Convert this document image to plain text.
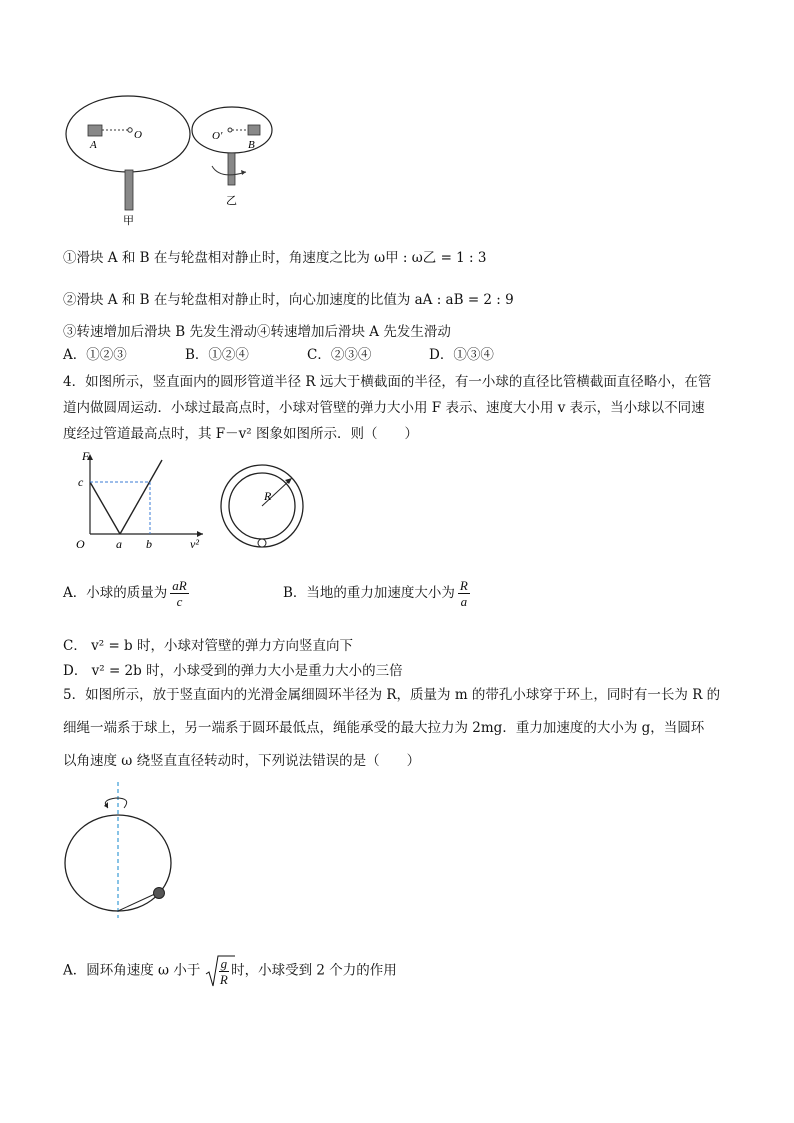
A
O
甲
O'
B
乙
①滑块 A 和 B 在与轮盘相对静止时，角速度之比为 ω甲 : ω乙 = 1 : 3
②滑块 A 和 B 在与轮盘相对静止时，向心加速度的比值为 aA : aB = 2 : 9
③转速增加后滑块 B 先发生滑动④转速增加后滑块 A 先发生滑动
A．①②③	B．①②④	C．②③④	D．①③④
4．如图所示，竖直面内的圆形管道半径 R 远大于横截面的半径，有一小球的直径比管横截面直径略小，在管
道内做圆周运动．小球过最高点时，小球对管壁的弹力大小用 F 表示、速度大小用 v 表示，当小球以不同速
度经过管道最高点时，其 F－v² 图象如图所示．则（　　）
F
c
O	a b	v²
R
A．小球的质量为 $\frac{aR}{c}$	B．当地的重力加速度大小为 $\frac{R}{a}$
C． v² = b 时，小球对管壁的弹力方向竖直向下
D． v² = 2b 时，小球受到的弹力大小是重力大小的三倍
5．如图所示，放于竖直面内的光滑金属细圆环半径为 R，质量为 m 的带孔小球穿于环上，同时有一长为 R 的
细绳一端系于球上，另一端系于圆环最低点，绳能承受的最大拉力为 2mg．重力加速度的大小为 g，当圆环
以角速度 ω 绕竖直直径转动时，下列说法错误的是（　　）
A．圆环角速度 ω 小于 $\frac{g}{R}$ 时，小球受到 2 个力的作用
